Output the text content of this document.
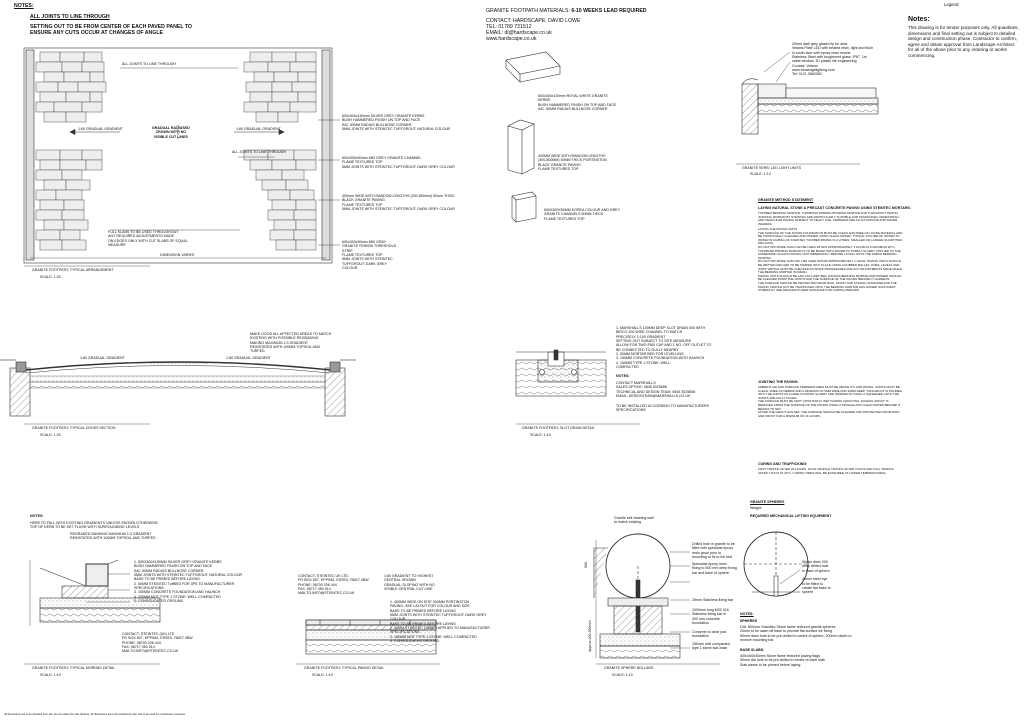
NOTES:
ALL JOINTS TO LINE THROUGH
SETTING OUT TO BE FROM CENTER OF EACH PAVED PANEL TO
ENSURE ANY CUTS OCCUR AT CHANGES OF ANGLE
GRANITE FOOTPATH MATERIALS: 6-10 WEEKS LEAD REQUIRED
CONTACT: HARDSCAPE; DAVID LOWE
TEL: 01789 721512
EMAIL: dl@hardscape.co.uk
www.hardscape.co.uk
Legend
Notes:
This drawing is for tender purposes only. All quantities,
dimensions and final setting out is subject to detailed
design and construction phase. Contractor to confirm,
agree and obtain approval from Landscape Architect
for all of the above prior to any ordering or works
commencing.
ALL JOINTS TO LINE THROUGH
1:60 GRADUAL GRADIENT	1:60 GRADUAL GRADIENT
GRADUAL RADIUSED
CROWN WITH NO
VISIBLE CUT LINES
ALL JOINTS TO LINE THROUGH
FULL SLABS TO BE USED THROUGHOUT
ANY REQUIRED ADJUSTMENTS MADE
ON EDGES ONLY WITH CUT SLABS OF EQUAL
MEASURE
DIMENSION VARIES
600x300x150mm SILVER GREY GRANITE KERBS
BUSH HAMMERED FINISH ON TOP AND FACE
INC. 50MM RADIUS BULLNOSE CORNER
5MM JOINTS WITH STEINTEC TUFFGROUT: NATURAL COLOUR
600x300x50mm MID GREY GRANITE CHANNEL
FLAME TEXTURED TOP
5MM JOINTS WITH STEINTEC TUFFGROUT: DARK GREY COLOUR
400mm WIDE WITH RANDOM LENGTHS (300-800mm) 50mm THICK
BLACK GRANITE PAVING
FLAME TEXTURED TOP
5MM JOINTS WITH STEINTEC TUFFGROUT: DARK GREY COLOUR
600x300x50mm MID GRAY
GRANITE TRIMON THRESHOLD
STRIP
FLAME TEXTURED TOP
5MM JOINTS WITH STEINTEC
TUFFGROUT: DARK GREY
COLOUR
GRANITE FOOTPATH: TYPICAL ARRANGEMENT
SCALE: 1:20
MAKE GOOD ALL AFFECTED AREAS TO MATCH
EXISTING WITH POSSIBLE REGRADING
MAKING MAXIMUM 1:3 GRADIENT
REINSTATED WITH 100MM TOPSOIL AND
TURFED
1:60 GRADUAL GRADIENT	1:60 GRADUAL GRADIENT
GRANITE FOOTPATH: TYPICAL CROSS SECTION
SCALE: 1:20
600x300x150mm ROYAL WHITE GRANITE
KERBS
BUSH HAMMERED FINISH ON TOP AND FACE
INC. 50MM RADIUS BULLNOSE CORNER
400MM WIDE WITH RANDOM LENGTHS
(300-800MM) 50MM THICK PORTINSTON
BLACK GRANITE PAVING
FLAME TEXTURED TOP
600X300X50MM KOREA COLOUR AND GREY
GRANITE CHANNELS 50MM THICK
FLAME TEXTURED TOP
20mm dark grey glazed lip for seat
Velaxis Plate LED with treated resin, light and flush
in south face with epoxy resin mortar.
Stainless Steel with toughened glass, IP67, 1m
cable window, 3D plastic lite engineering.
Contact: Velaxis
www.trinaedgelighting.com
Tel: 0121 3660380
GRANITE KERB: LED LIGHT UNITS
SCALE: 1:10
1. MARSHALLS 100MM DEEP SLOT DRAIN 500 WITH
BIRCO 100 WIDE CHANNEL TO MATCH
PRECISELY 1:100 GRADIENT
SETTING OUT SUBJECT TO SITE MEASURE
ALLOW FOR TWO END CAP AND 1 NO. OFF OUTLET TO
BE CONNECTED TO GULLY NEARBY
2. 50MM MORTAR BED FOR LEVELLING
3. 150MM CONCRETE FOUNDATION WITH HAUNCH
4. 150MM TYPE 1 STONE: WELL
COMPACTED
NOTES:
CONTACT MARSHALLS
SALES OFFICE: 0845 3025656
TECHNICAL AND DESIGN TEAM: 0845 3025658
EMAIL: DESIGNTEAM@MARSHALLS.CO.UK
TO BE INSTALLED ACCORDING TO MANUFACTURERS
SPECIFICATIONS
GRANITE FOOTPATH: SLOT DRAIN DETAIL
SCALE: 1:10
GRANITE METHOD STATEMENT
LAYING NATURAL STONE & PRECAST CONCRETE PAVING USING STEINTEC MORTARS:
TUFFBED BEDDING MORTAR, TUFFBOND PRIMING BONDING MORTAR AND TUFFGROUT PAVING JOINTING MORTAR BY STEINTEC ARE PARTICULARLY SUITABLE FOR TRAFFICKED, PEDESTRIAN AND VEHICULAR PAVING SUBJECT TO HEAVY USE, TEMPERATURE FLUCTUATIONS AND WATER INGRESS.
LAYING THE PAVING UNITS
THE SURFACE OF THE SOUND FOUNDATION MUST BE CLEAN AND FREE OF LOOSE MATERIAL AND BE THOROUGHLY CLEANED AND PRIMED USING CLEAN WATER. TYPICAL VOLUME OF WATER TO WATER IN KG/BAG OF STEINTEC TUFFBED PAVING IS 2 LITRES. SMALLER OR LARGER QUANTITIES PRO RATA.
DO NOT MIX MORE THAN CAN BE USED WITHIN APPROXIMATELY 1 HOUR AT A MAXIMUM 20°C. TUFFBOND PRIMING MORTAR IS TO BE MIXED WITH WATER TO FORM A SLURRY, APPLIED TO THE UNDERSIDE OF EACH PAVING UNIT IMMEDIATELY BEFORE LAYING ONTO THE FRESH BEDDING MORTAR.
DO NOT MIX MORE THAN WILL BE USED WITHIN APPROXIMATELY 1 HOUR. PAVING UNITS SHOULD BE WETTED AND ARE TO BE TAMPED INTO PLACE USING A RUBBER MALLET. LINES, LEVELS AND JOINT WIDTHS MUST BE CHECKED AS WORK PROGRESSES AND ANY ADJUSTMENTS MADE WHILE THE BEDDING MORTAR IS FRESH.
PAVING UNITS SHOULD BE LAID ON A WET BED. EXCESS BEDDING MORTAR AND PRIMER SHOULD BE CLEANED FROM THE JOINTS AND THE SURFACE OF THE PAVING BEFORE IT HARDENS.
THE SURFACE SHOULD BE PROTECTED FROM RAIN, FROST AND STRONG SUNSHINE AND THE PAVING SHOULD NOT BE TRAFFICKED UNTIL THE BEDDING MORTAR HAS GAINED SUFFICIENT STRENGTH. SEE MANUFACTURER GUIDANCE FOR CURING PERIODS.
JOINTING THE PAVING:
AMBIENT AIR AND SURFACE TEMPERATURES MUST BE ABOVE 5°C AND RISING. JOINTS MUST BE CLEAN, FREE OF DEBRIS AND A MINIMUM OF 5MM WIDE AND 30MM DEEP. TUFFGROUT IS POURED INTO THE JOINTS AS A FREE FLOWING SLURRY AND WORKED IN USING A SQUEEGEE UNTIL THE JOINTS ARE FULLY FILLED.
THE SURFACE MUST BE KEPT CONSTANTLY WET DURING GROUTING. EXCESS GROUT IS REMOVED FROM THE SURFACE OF THE PAVING USING A SPONGE AND CLEAN WATER BEFORE IT BEGINS TO SET.
AFTER THE GROUT HAS SET, THE SURFACE SHOULD BE CLEANED AND PROTECTED FROM RAIN AND FROST FOR A MINIMUM OF 24 HOURS.
CURING AND TRAFFICKING:
FOOT TRAFFIC AFTER 24 HOURS, LIGHT VEHICLE TRAFFIC AFTER 3 DAYS AND FULL TRAFFIC AFTER 7 DAYS AT 20°C. CURING TIMES WILL BE EXTENDED AT LOWER TEMPERATURES.
NOTES:
HERE TO FALL WITH EXISTING GRADIENTS UNLESS SHOWN OTHERWISE
TOP OF KERB TO BE SET FLUSH WITH SURROUNDING LEVELS
REGRADED BANKING MAXIMUM 1:3 GRADIENT
REINSTATED WITH 100MM TOPSOIL AND TURFED
1. 600X300X150MM SILVER GREY GRANITE KERBS
BUSH HAMMERED FINISH ON TOP AND FACE
INC. 50MM RADIUS BULLNOSE CORNER
5MM JOINTS WITH STEINTEC TUFFGROUT: NATURAL COLOUR
BASE TO BE PRIMED BEFORE LAYING
2. 50MM STEINTEC TuffBED FOR 3PS TO MANUFACTURER
SPECIFICATIONS
3. 150MM CONCRETE FOUNDATION AND HAUNCH
4. 200MM MOT TYPE 1 STONE: WELL COMPACTED
5. CONSOLIDATED GROUND
CONTACT: STEINTEC (UK) LTD
PO BOX 507, EPPING, ESSEX, RM17 0BW
PHONE: 08700 206 444
FAX: 08717 050 514
MAILTO:INFO@STEINTEC.CO.UK
GRANITE FOOTPATH: TYPICAL KERBING DETAIL
SCALE: 1:10
CONTACT: STEINTEC UK LTD
PO BOX 507, EPPING, ESSEX, RM17 0BW
PHONE: 08700 206 444
FAX: 08717 050 514
MAILTO:INFO@STEINTEC.CO.UK
1:60 GRADIENT TO HIGHEST
CENTRAL GROWN
GRADUAL SLOPING WITH NO
VISIBLE CENTRAL CUT LINE
1. 400MM WIDE ON SITE 300MM PORTINSTON
PAVING. SEE LAYOUT FOR COLOUR AND SIZE
BASE TO BE PRIMED BEFORE LAYING
5MM JOINTS WITH STEINTEC TUFFGROUT: DARK GREY
COLOUR
BASE TO BE PRIMED BEFORE LAYING
2. 50MM STEINTEC TuffBED APPLIED TO MANUFACTURER
SPECIFICATIONS
3. 150MM MOT TYPE 1 STONE: WELL COMPACTED
4. CONSOLIDATED GROUND
GRANITE FOOTPATH: TYPICAL PAVING DETAIL
SCALE: 1:10
Granite self-draining wall
to match existing
Drilled hole in granite to be
filled with specialist epoxy
resin grout prior to
mounting to fix to full bed
Specialist epoxy resin
fixing to 500 mm deep fixing
bar and base of sphere
25mm Stainless fixing bar
1000mm long M20 316
Stainless fixing bar in
300 mm concrete
foundation
Concrete to clear pad
foundation
150mm well compacted
type 1 stone sub-base
600
Approx 400-500mm
GRANITE SPHERE BOLLARD
SCALE: 1:10
GRANITE SPHERES
Weight:
REQUIRED MECHANICAL LIFTING EQUIPMENT
50mm diam 200
deep drilled hole
in base of sphere

20mm steel eye
to be fitted to
create flat base to
sphere
NOTES:
SPHERES
DIA. 600mm Grandiso Stone flame textured granite spheres
20mm to be sawn off base to provide flat surface for fixing
50mm diam hole to be pre-drilled to centre of sphere, 200mm depth to
receive mounting bar
BASE SLABS:
400x400x50mm Stone flame textured paving flags
50mm dia hole to be pre-drilled to centre of each slab
Slab bases to be primed before laying
All dimensions are to be checked from site. Do not scale from this drawing. All dimensions are to be checked on site. Not to be used for construction purposes.
